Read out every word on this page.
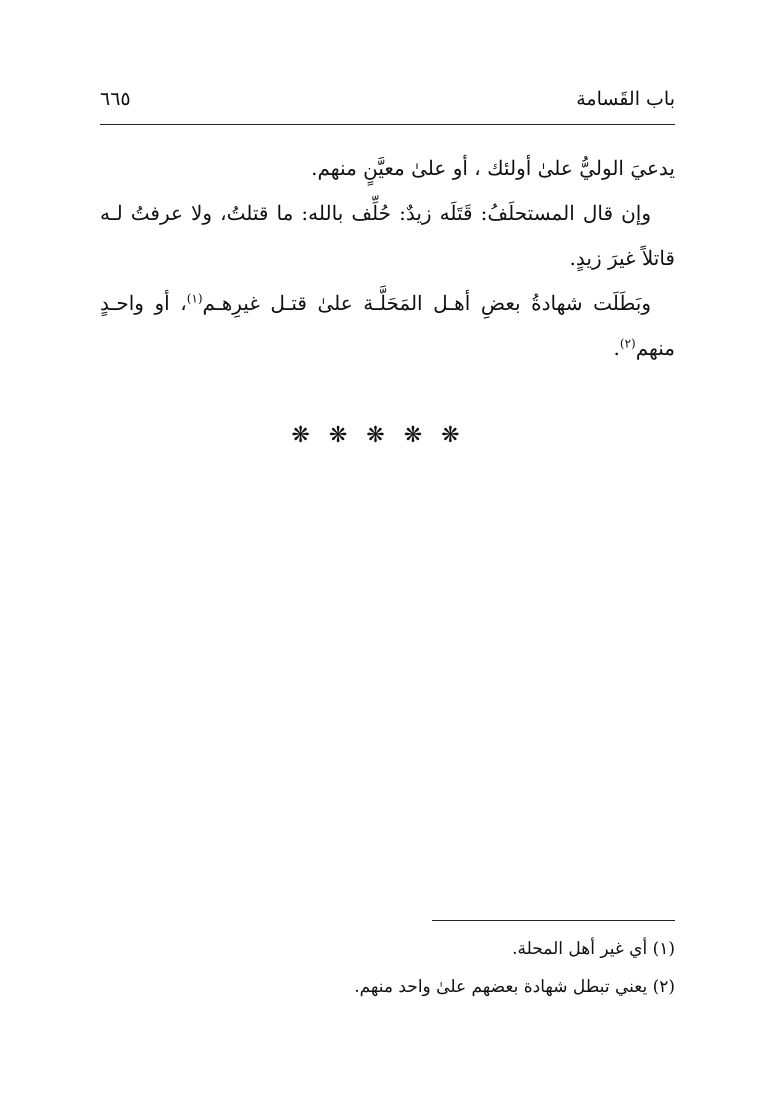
باب القَسامة
٦٦٥

يدعيَ الوليُّ علىٰ أولئك ، أو علىٰ معيَّنٍ منهم.

وإن قال المستحلَفُ: قَتَلَه زيدٌ: حُلِّف بالله: ما قتلتُ، ولا عرفتُ لـه قاتلاً غيرَ زيدٍ.

وبَطَلَت شهادةُ بعضِ أهـل المَحَلَّـة علىٰ قتـل غيرِهـم$^{(١)}$، أو واحـدٍ منهم$^{(٢)}$.

❋ ❋ ❋ ❋ ❋

(١) أي غير أهل المحلة.

(٢) يعني تبطل شهادة بعضهم علىٰ واحد منهم.
